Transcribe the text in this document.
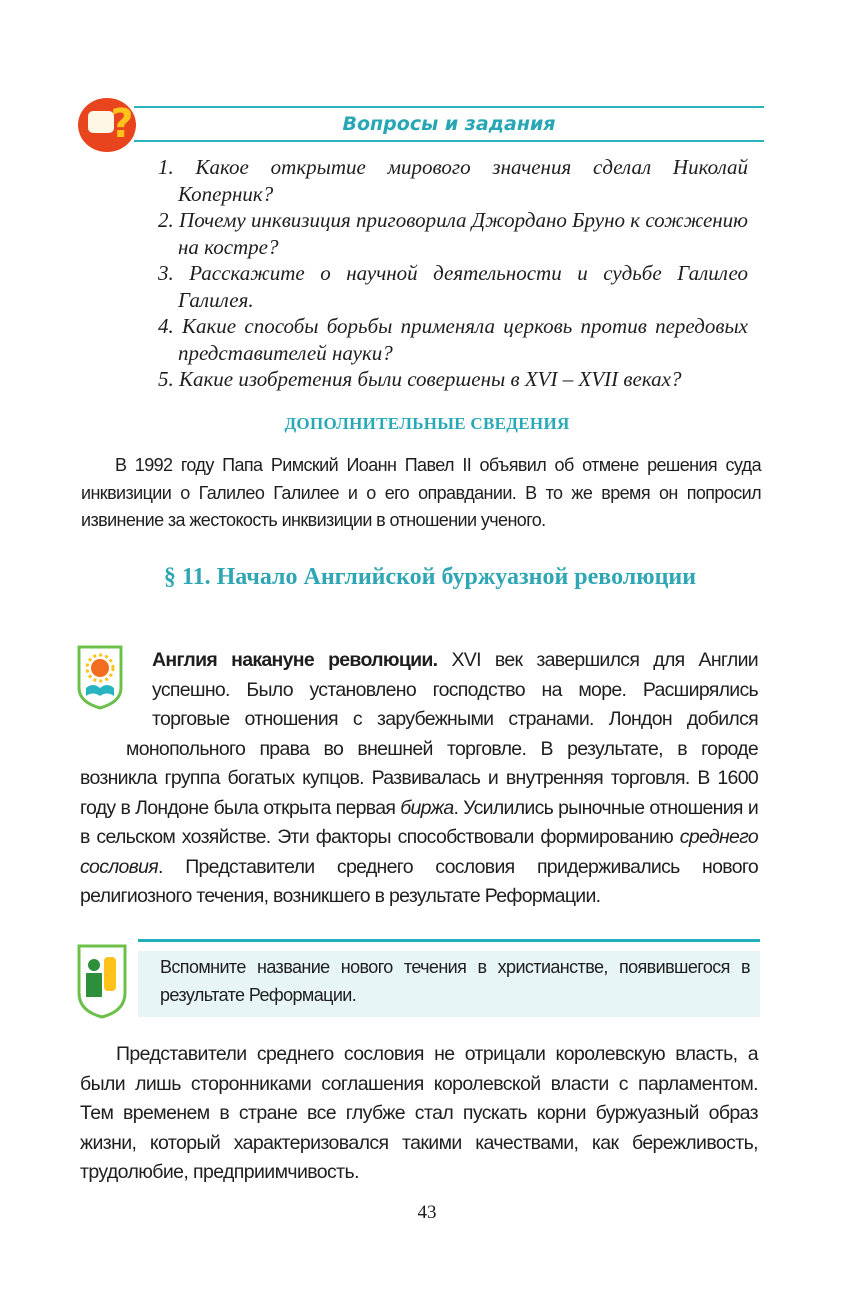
?	Вопросы и задания
1. Какое открытие мирового значения сделал Николай Коперник?
2. Почему инквизиция приговорила Джордано Бруно к сожжению на костре?
3. Расскажите о научной деятельности и судьбе Галилео Галилея.
4. Какие способы борьбы применяла церковь против передовых представителей науки?
5. Какие изобретения были совершены в XVI – XVII веках?
ДОПОЛНИТЕЛЬНЫЕ СВЕДЕНИЯ
В 1992 году Папа Римский Иоанн Павел II объявил об отмене решения суда инквизиции о Галилео Галилее и о его оправдании. В то же время он попросил извинение за жестокость инквизиции в отношении ученого.
§ 11. Начало Английской буржуазной революции
Англия накануне революции. XVI век завершился для Англии успешно. Было установлено господство на море. Расширялись торговые отношения с зарубежными странами. Лондон добился монопольного права во внешней торговле. В результате, в городе возникла группа богатых купцов. Развивалась и внутренняя торговля. В 1600 году в Лондоне была открыта первая биржа. Усилились рыночные отношения и в сельском хозяйстве. Эти факторы способствовали формированию среднего сословия. Представители среднего сословия придерживались нового религиозного течения, возникшего в результате Реформации.
Вспомните название нового течения в христианстве, появившегося в результате Реформации.
Представители среднего сословия не отрицали королевскую власть, а были лишь сторонниками соглашения королевской власти с парламентом. Тем временем в стране все глубже стал пускать корни буржуазный образ жизни, который характеризовался такими качествами, как бережливость, трудолюбие, предприимчивость.
43
